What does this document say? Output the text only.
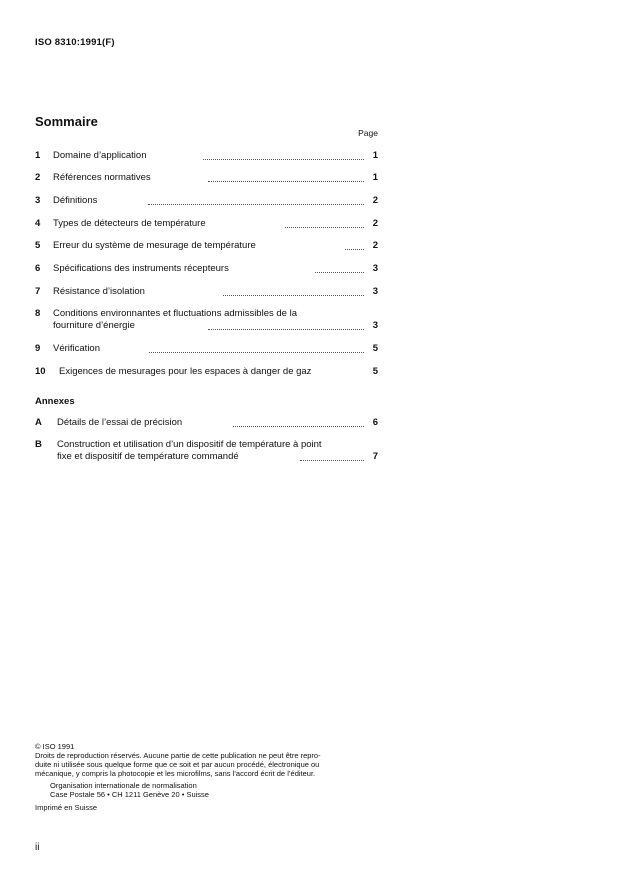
ISO 8310:1991(F)
Sommaire
Page
1	Domaine d’application	1
2	Références normatives	1
3	Définitions	2
4	Types de détecteurs de température	2
5	Erreur du système de mesurage de température	2
6	Spécifications des instruments récepteurs	3
7	Résistance d’isolation	3
8	Conditions environnantes et fluctuations admissibles de la
fourniture d’énergie	3
9	Vérification	5
10	Exigences de mesurages pour les espaces à danger de gaz	5
Annexes
A	Détails de l’essai de précision	6
B	Construction et utilisation d’un dispositif de température à point
fixe et dispositif de température commandé	7
© ISO 1991
Droits de reproduction réservés. Aucune partie de cette publication ne peut être repro-
duite ni utilisée sous quelque forme que ce soit et par aucun procédé, électronique ou
mécanique, y compris la photocopie et les microfilms, sans l’accord écrit de l’éditeur.
Organisation internationale de normalisation
Case Postale 56 • CH 1211 Genève 20 • Suisse
Imprimé en Suisse
ii
